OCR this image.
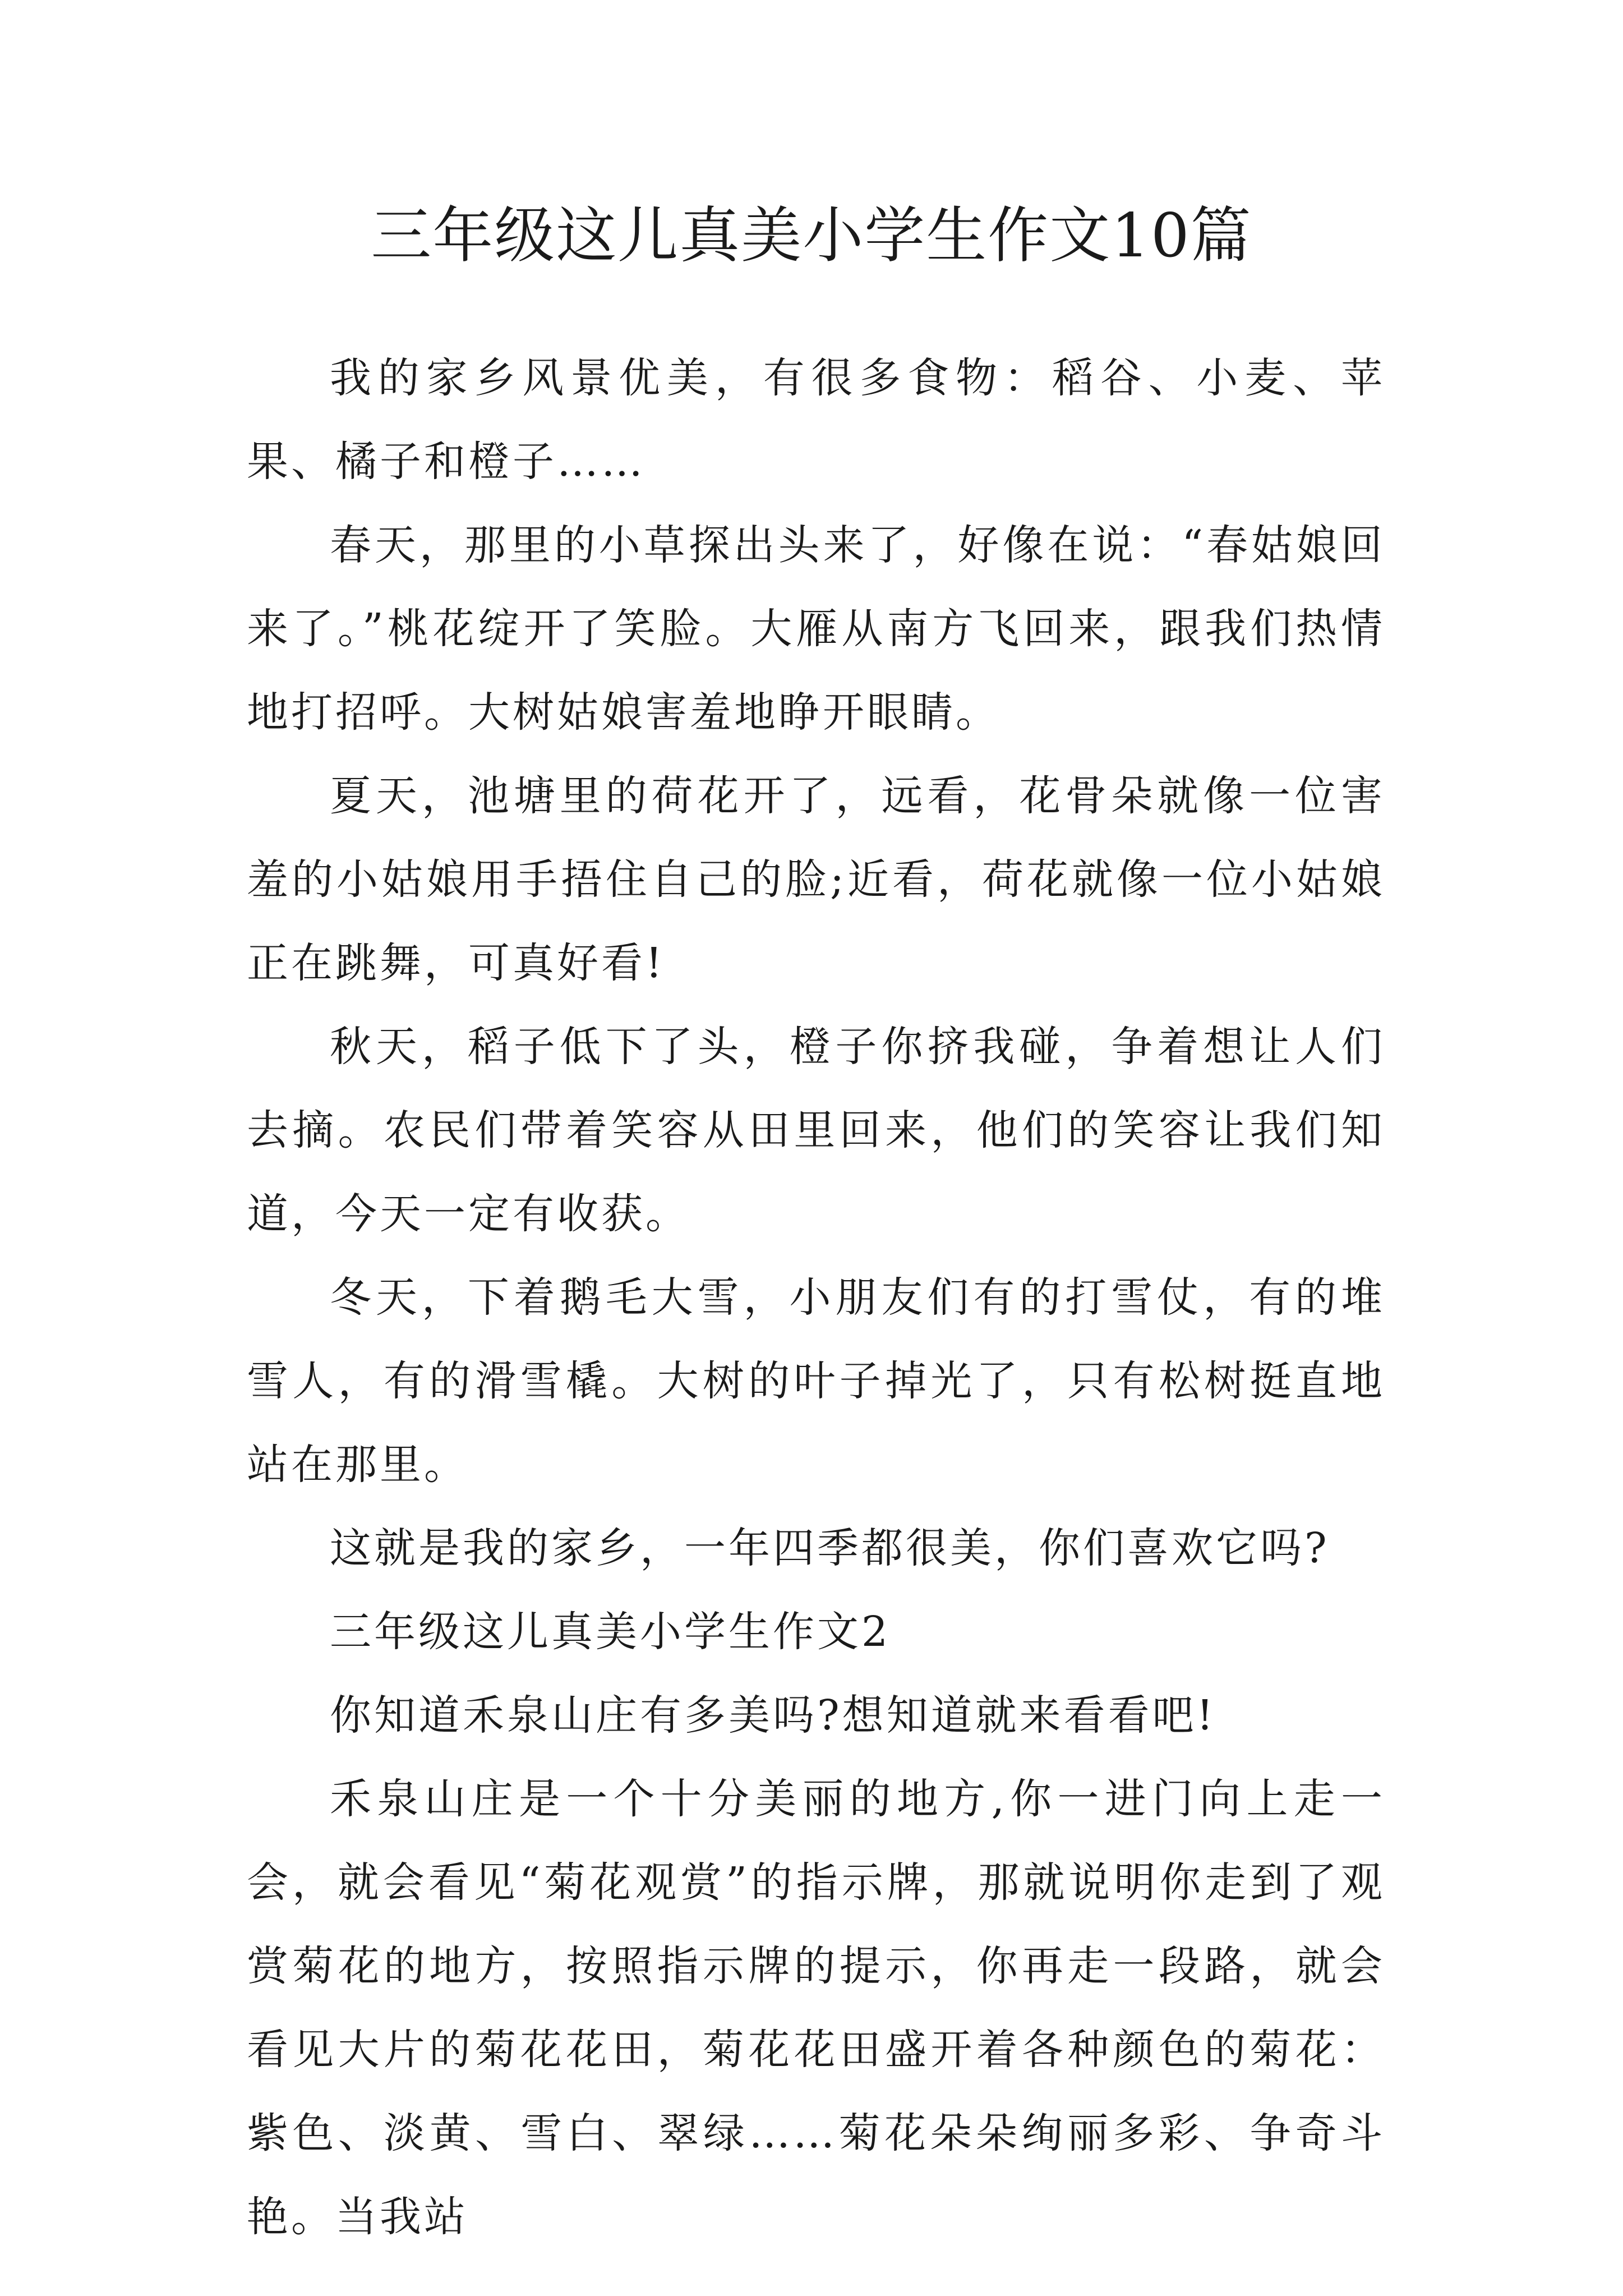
三年级这儿真美小学生作文10篇

我的家乡风景优美，有很多食物：稻谷、小麦、苹果、橘子和橙子……

春天，那里的小草探出头来了，好像在说：“春姑娘回来了。”桃花绽开了笑脸。大雁从南方飞回来，跟我们热情地打招呼。大树姑娘害羞地睁开眼睛。

夏天，池塘里的荷花开了，远看，花骨朵就像一位害羞的小姑娘用手捂住自己的脸;近看，荷花就像一位小姑娘正在跳舞，可真好看!

秋天，稻子低下了头，橙子你挤我碰，争着想让人们去摘。农民们带着笑容从田里回来，他们的笑容让我们知道，今天一定有收获。

冬天，下着鹅毛大雪，小朋友们有的打雪仗，有的堆雪人，有的滑雪橇。大树的叶子掉光了，只有松树挺直地站在那里。

这就是我的家乡，一年四季都很美，你们喜欢它吗?

三年级这儿真美小学生作文2

你知道禾泉山庄有多美吗?想知道就来看看吧!

禾泉山庄是一个十分美丽的地方,你一进门向上走一会，就会看见“菊花观赏”的指示牌，那就说明你走到了观赏菊花的地方，按照指示牌的提示，你再走一段路，就会看见大片的菊花花田，菊花花田盛开着各种颜色的菊花：紫色、淡黄、雪白、翠绿……菊花朵朵绚丽多彩、争奇斗艳。当我站
